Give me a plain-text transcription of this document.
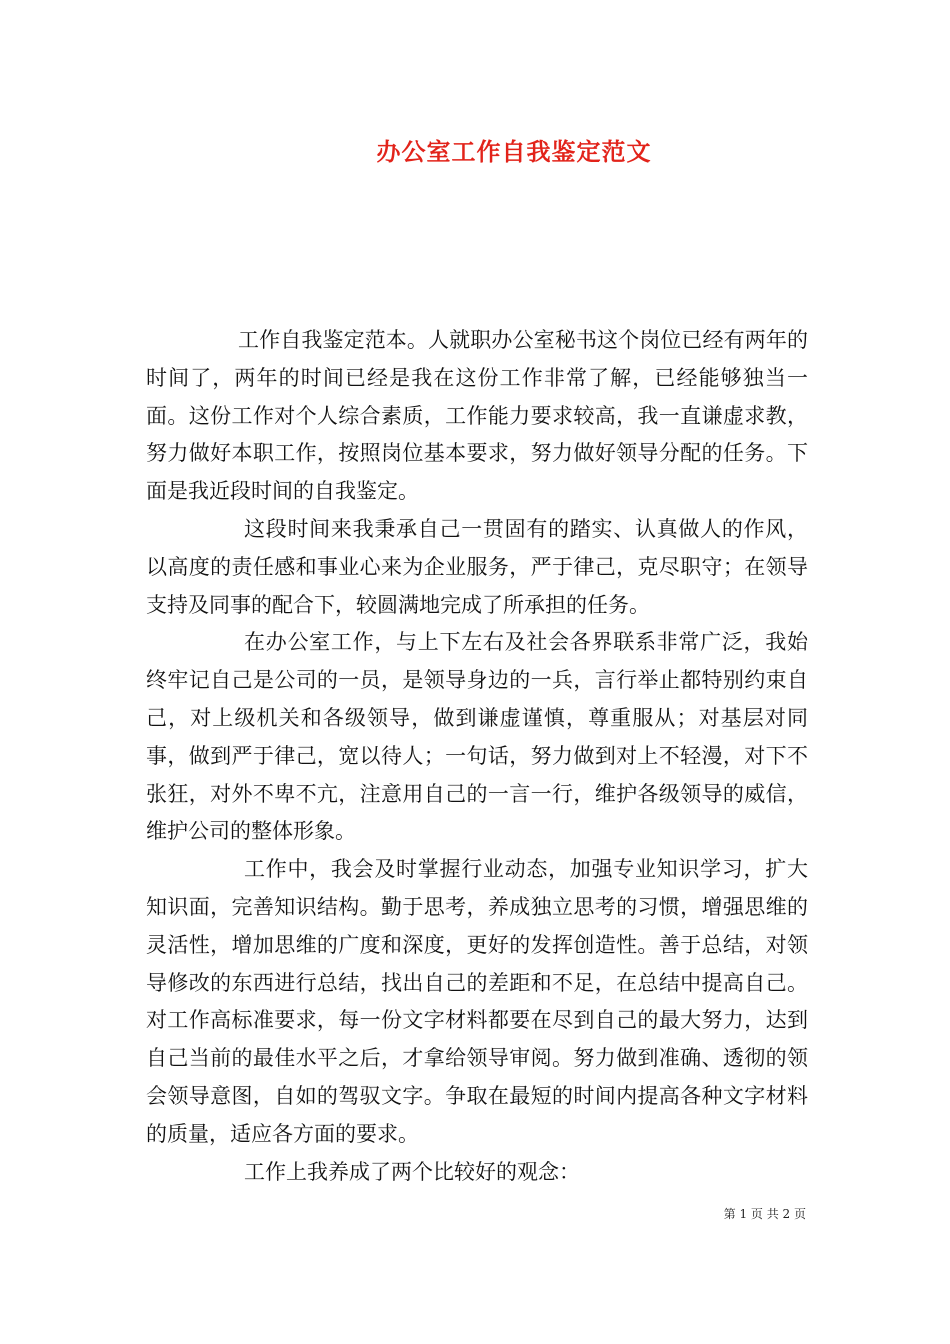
办公室工作自我鉴定范文

工作自我鉴定范本。人就职办公室秘书这个岗位已经有两年的时间了，两年的时间已经是我在这份工作非常了解，已经能够独当一面。这份工作对个人综合素质，工作能力要求较高，我一直谦虚求教，努力做好本职工作，按照岗位基本要求，努力做好领导分配的任务。下面是我近段时间的自我鉴定。

这段时间来我秉承自己一贯固有的踏实、认真做人的作风，以高度的责任感和事业心来为企业服务，严于律己，克尽职守；在领导支持及同事的配合下，较圆满地完成了所承担的任务。

在办公室工作，与上下左右及社会各界联系非常广泛，我始终牢记自己是公司的一员，是领导身边的一兵，言行举止都特别约束自己，对上级机关和各级领导，做到谦虚谨慎，尊重服从；对基层对同事，做到严于律己，宽以待人；一句话，努力做到对上不轻漫，对下不张狂，对外不卑不亢，注意用自己的一言一行，维护各级领导的威信，维护公司的整体形象。

工作中，我会及时掌握行业动态，加强专业知识学习，扩大知识面，完善知识结构。勤于思考，养成独立思考的习惯，增强思维的灵活性，增加思维的广度和深度，更好的发挥创造性。善于总结，对领导修改的东西进行总结，找出自己的差距和不足，在总结中提高自己。对工作高标准要求，每一份文字材料都要在尽到自己的最大努力，达到自己当前的最佳水平之后，才拿给领导审阅。努力做到准确、透彻的领会领导意图，自如的驾驭文字。争取在最短的时间内提高各种文字材料的质量，适应各方面的要求。

工作上我养成了两个比较好的观念：

第 1 页 共 2 页
